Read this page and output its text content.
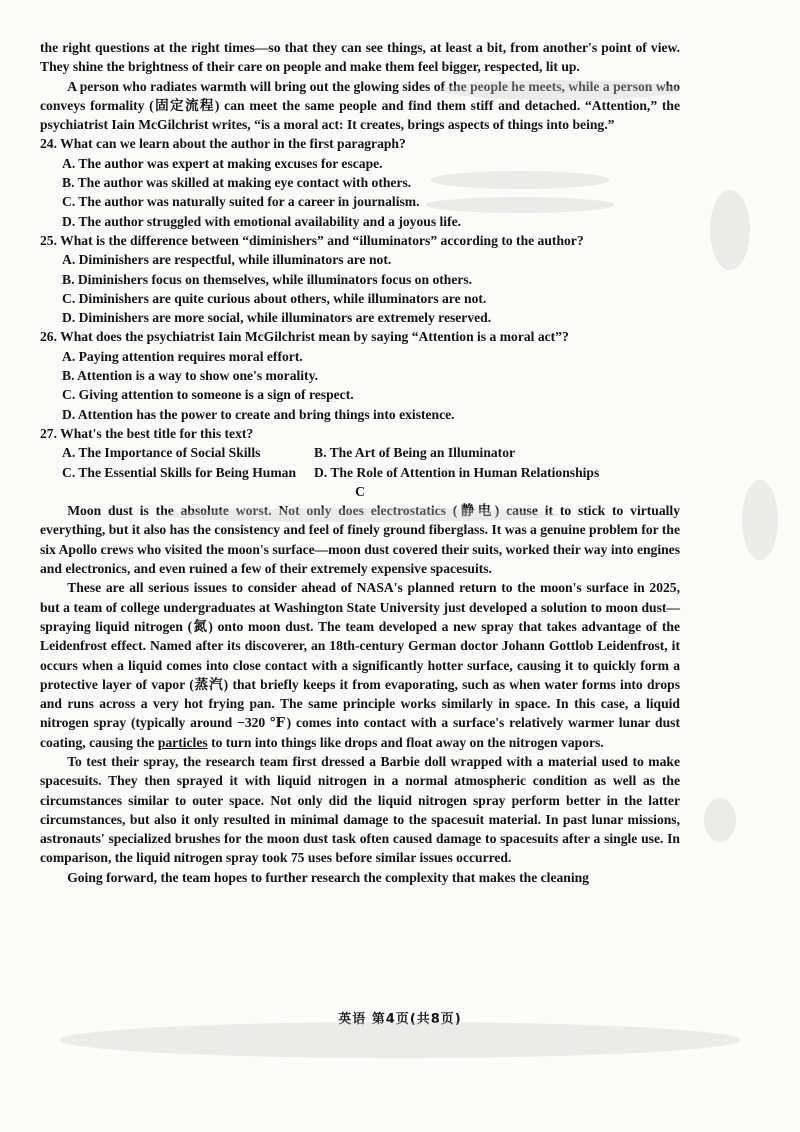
the right questions at the right times—so that they can see things, at least a bit, from another's point of view. They shine the brightness of their care on people and make them feel bigger, respected, lit up.

A person who radiates warmth will bring out the glowing sides of the people he meets, while a person who conveys formality (固定流程) can meet the same people and find them stiff and detached. “Attention,” the psychiatrist Iain McGilchrist writes, “is a moral act: It creates, brings aspects of things into being.”

24. What can we learn about the author in the first paragraph?

A. The author was expert at making excuses for escape.

B. The author was skilled at making eye contact with others.

C. The author was naturally suited for a career in journalism.

D. The author struggled with emotional availability and a joyous life.

25. What is the difference between “diminishers” and “illuminators” according to the author?

A. Diminishers are respectful, while illuminators are not.

B. Diminishers focus on themselves, while illuminators focus on others.

C. Diminishers are quite curious about others, while illuminators are not.

D. Diminishers are more social, while illuminators are extremely reserved.

26. What does the psychiatrist Iain McGilchrist mean by saying “Attention is a moral act”?

A. Paying attention requires moral effort.

B. Attention is a way to show one's morality.

C. Giving attention to someone is a sign of respect.

D. Attention has the power to create and bring things into existence.

27. What's the best title for this text?

A. The Importance of Social Skills	B. The Art of Being an Illuminator

C. The Essential Skills for Being Human	D. The Role of Attention in Human Relationships

C

Moon dust is the absolute worst. Not only does electrostatics (静电) cause it to stick to virtually everything, but it also has the consistency and feel of finely ground fiberglass. It was a genuine problem for the six Apollo crews who visited the moon's surface—moon dust covered their suits, worked their way into engines and electronics, and even ruined a few of their extremely expensive spacesuits.

These are all serious issues to consider ahead of NASA's planned return to the moon's surface in 2025, but a team of college undergraduates at Washington State University just developed a solution to moon dust—spraying liquid nitrogen (氮) onto moon dust. The team developed a new spray that takes advantage of the Leidenfrost effect. Named after its discoverer, an 18th-century German doctor Johann Gottlob Leidenfrost, it occurs when a liquid comes into close contact with a significantly hotter surface, causing it to quickly form a protective layer of vapor (蒸汽) that briefly keeps it from evaporating, such as when water forms into drops and runs across a very hot frying pan. The same principle works similarly in space. In this case, a liquid nitrogen spray (typically around −320 ℉) comes into contact with a surface's relatively warmer lunar dust coating, causing the particles to turn into things like drops and float away on the nitrogen vapors.

To test their spray, the research team first dressed a Barbie doll wrapped with a material used to make spacesuits. They then sprayed it with liquid nitrogen in a normal atmospheric condition as well as the circumstances similar to outer space. Not only did the liquid nitrogen spray perform better in the latter circumstances, but also it only resulted in minimal damage to the spacesuit material. In past lunar missions, astronauts' specialized brushes for the moon dust task often caused damage to spacesuits after a single use. In comparison, the liquid nitrogen spray took 75 uses before similar issues occurred.

Going forward, the team hopes to further research the complexity that makes the cleaning

英语 第4页(共8页)
